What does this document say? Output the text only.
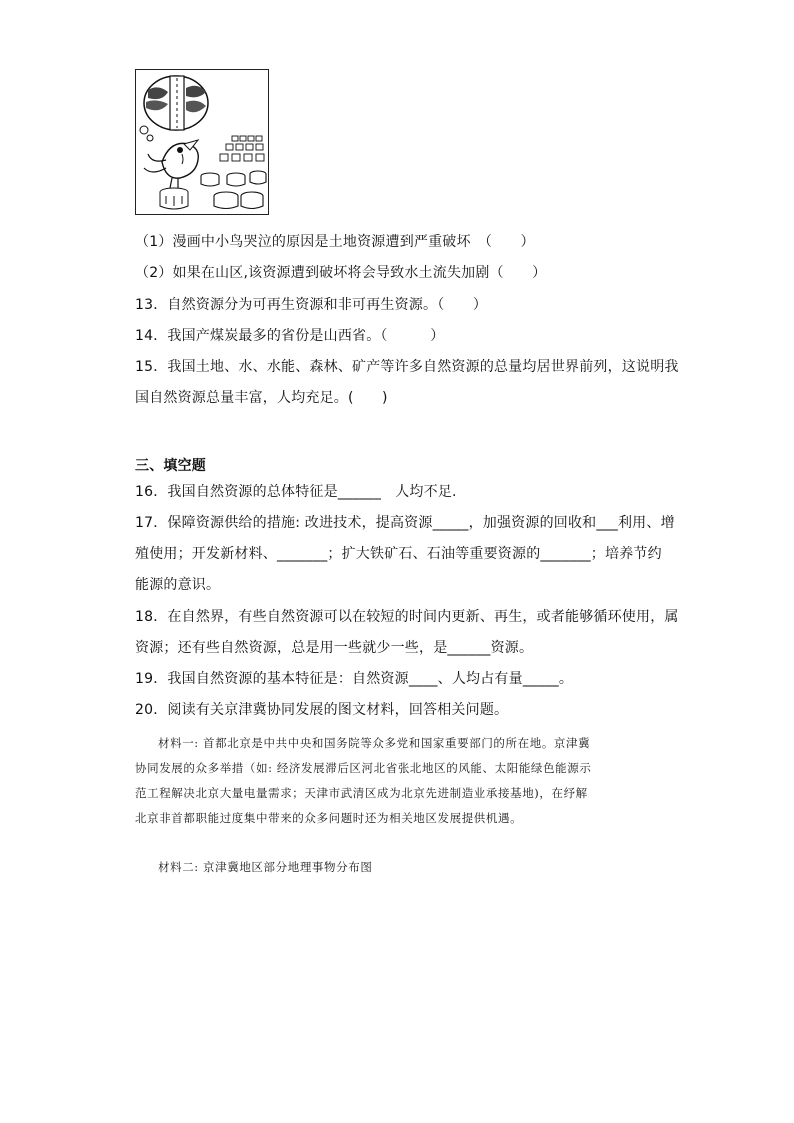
（1）漫画中小鸟哭泣的原因是土地资源遭到严重破坏　（　　）
（2）如果在山区,该资源遭到破坏将会导致水土流失加剧（　　）
13．自然资源分为可再生资源和非可再生资源。（　　）
14．我国产煤炭最多的省份是山西省。（　　　）
15．我国土地、水、水能、森林、矿产等许多自然资源的总量均居世界前列，这说明我
国自然资源总量丰富，人均充足。(　　)
三、填空题
16．我国自然资源的总体特征是______　人均不足.
17．保障资源供给的措施: 改进技术，提高资源_____，加强资源的回收和___利用、增
殖使用；开发新材料、_______；扩大铁矿石、石油等重要资源的_______；培养节约
能源的意识。
18．在自然界，有些自然资源可以在较短的时间内更新、再生，或者能够循环使用，属
资源；还有些自然资源，总是用一些就少一些，是______资源。
19．我国自然资源的基本特征是：自然资源____、人均占有量_____。
20．阅读有关京津冀协同发展的图文材料，回答相关问题。
材料一: 首都北京是中共中央和国务院等众多党和国家重要部门的所在地。京津冀
协同发展的众多举措（如: 经济发展滞后区河北省张北地区的风能、太阳能绿色能源示
范工程解决北京大量电量需求；天津市武清区成为北京先进制造业承接基地)，在纾解
北京非首都职能过度集中带来的众多问题时还为相关地区发展提供机遇。
材料二: 京津冀地区部分地理事物分布图
